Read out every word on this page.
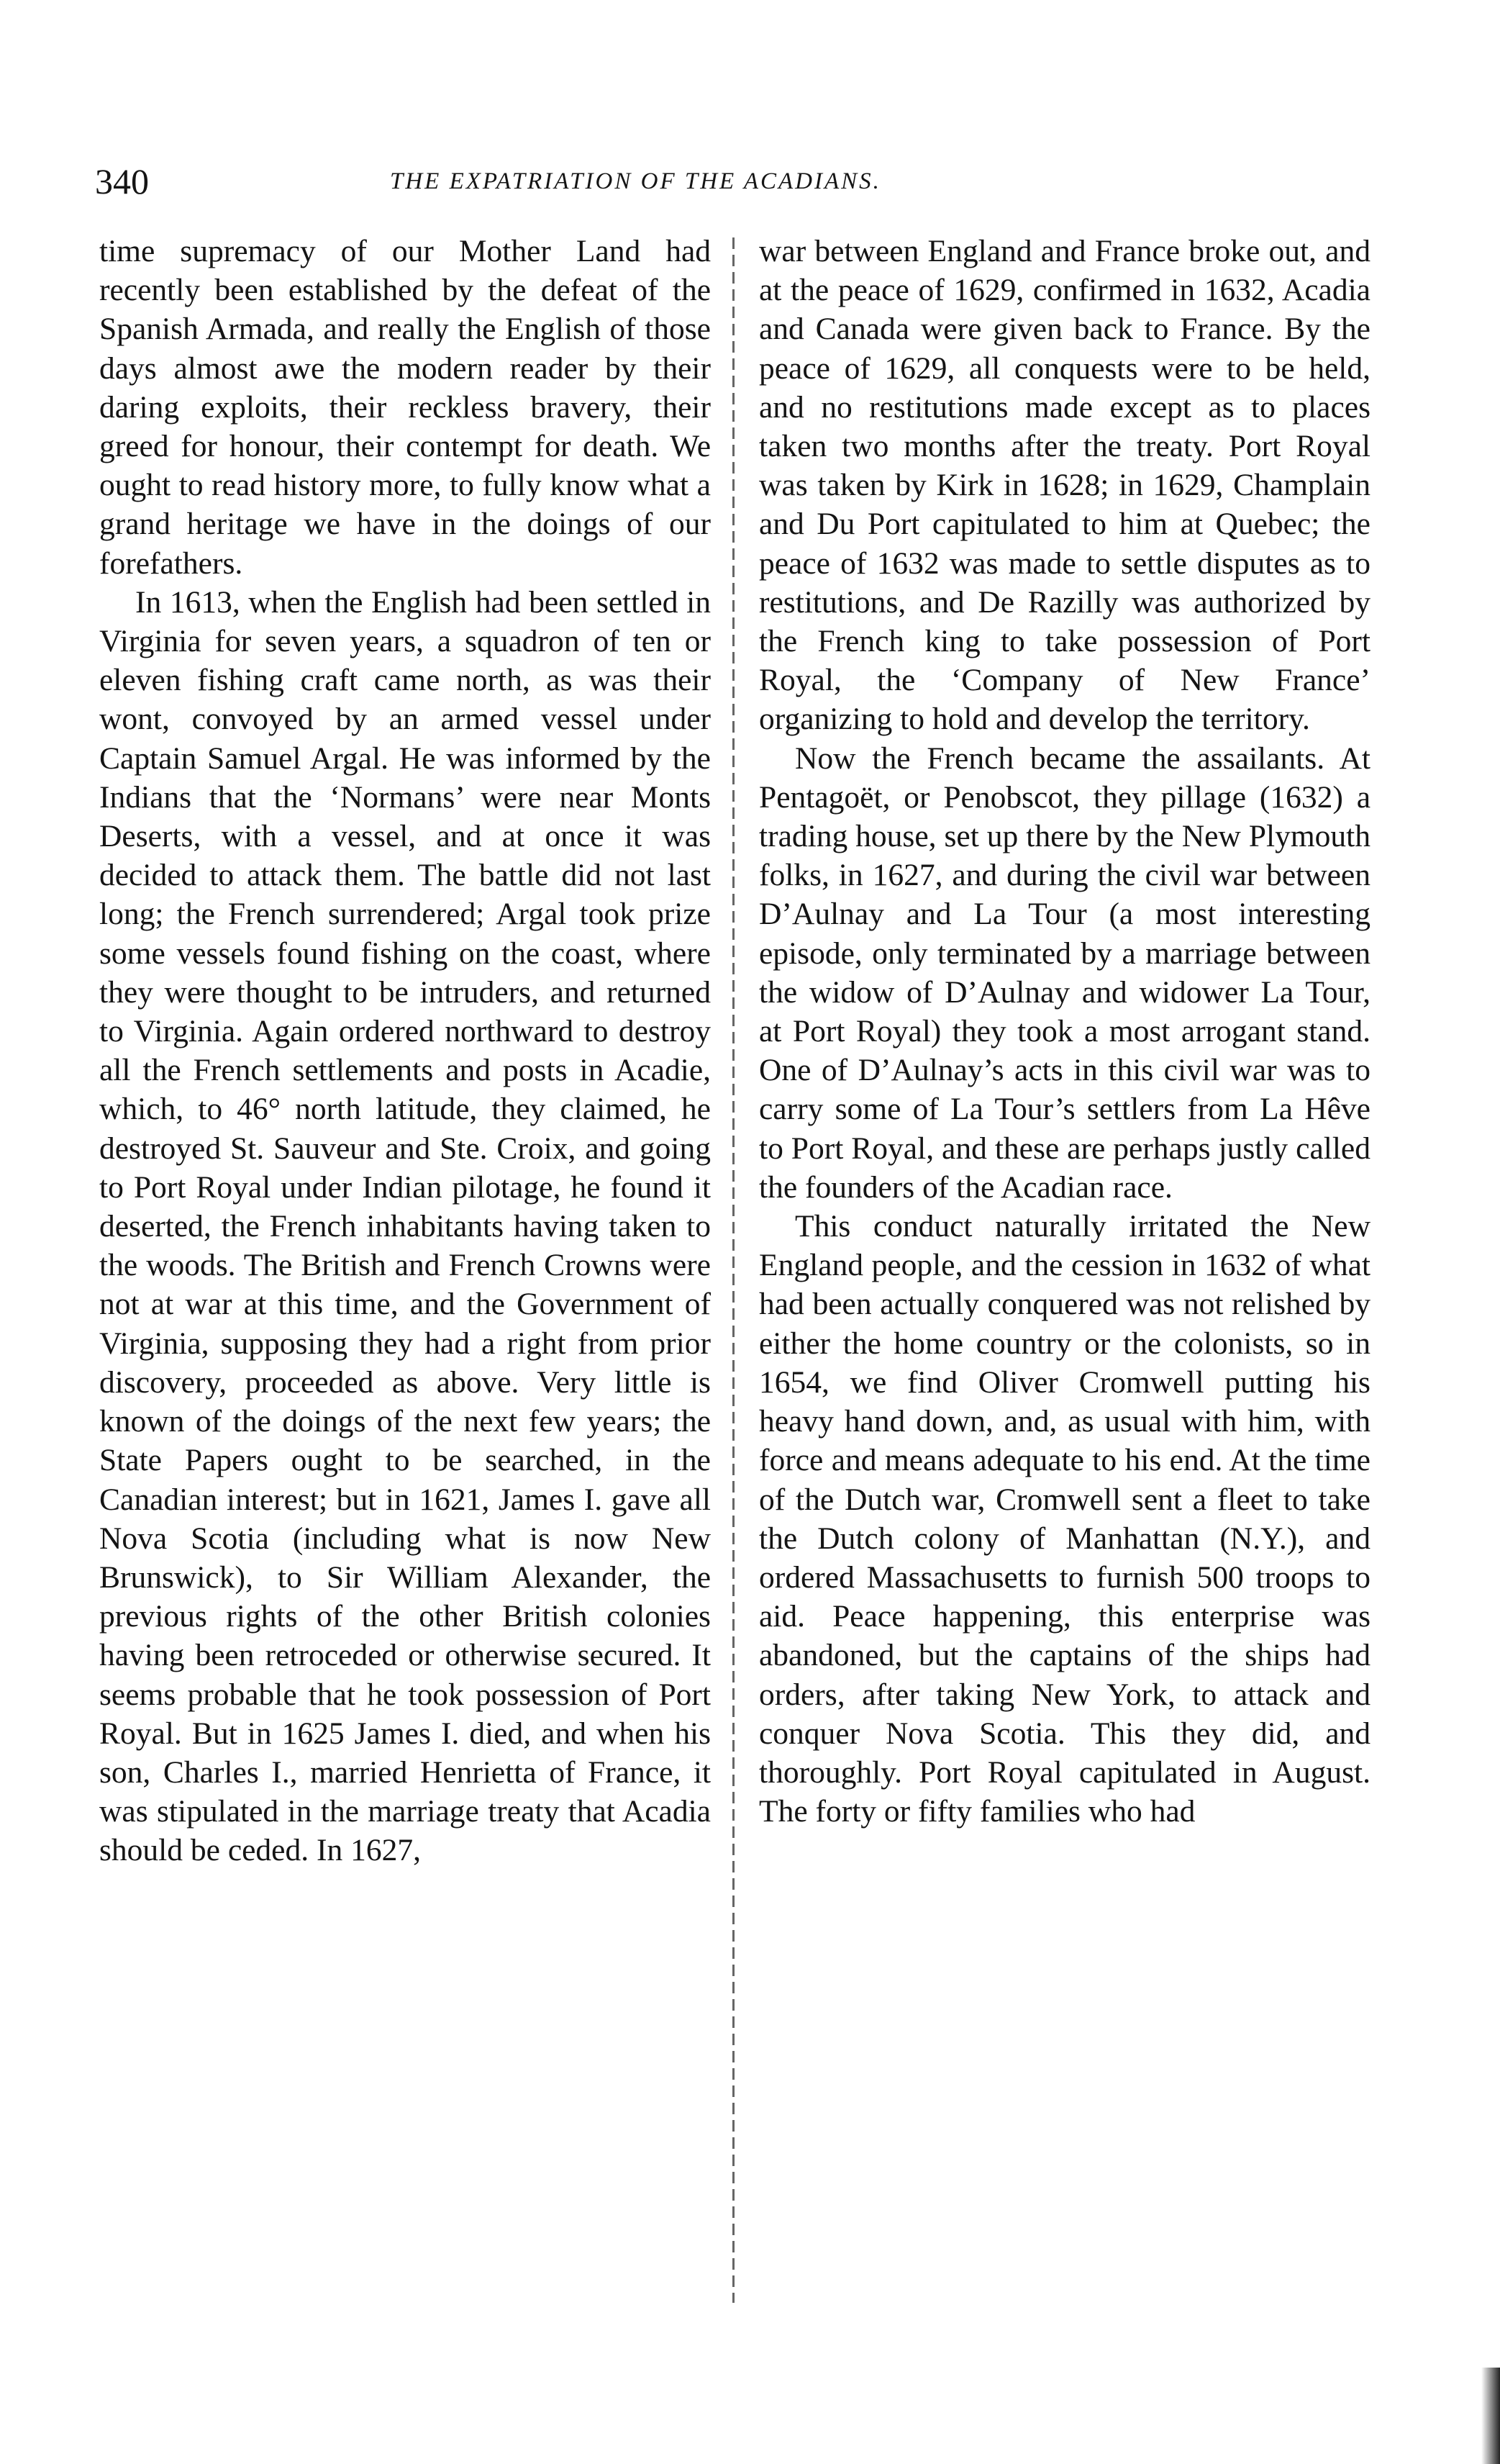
340	THE EXPATRIATION OF THE ACADIANS.

time supremacy of our Mother Land had recently been established by the defeat of the Spanish Armada, and really the English of those days almost awe the modern reader by their daring exploits, their reckless bravery, their greed for honour, their contempt for death. We ought to read history more, to fully know what a grand heritage we have in the doings of our forefathers.

In 1613, when the English had been settled in Virginia for seven years, a squadron of ten or eleven fishing craft came north, as was their wont, convoyed by an armed vessel under Captain Samuel Argal. He was informed by the Indians that the ‘Normans’ were near Monts Deserts, with a vessel, and at once it was decided to attack them. The battle did not last long; the French surrendered; Argal took prize some vessels found fishing on the coast, where they were thought to be intruders, and returned to Virginia. Again ordered northward to destroy all the French settlements and posts in Acadie, which, to 46° north latitude, they claimed, he destroyed St. Sauveur and Ste. Croix, and going to Port Royal under Indian pilotage, he found it deserted, the French inhabitants having taken to the woods. The British and French Crowns were not at war at this time, and the Government of Virginia, supposing they had a right from prior discovery, proceeded as above. Very little is known of the doings of the next few years; the State Papers ought to be searched, in the Canadian interest; but in 1621, James I. gave all Nova Scotia (including what is now New Brunswick), to Sir William Alexander, the previous rights of the other British colonies having been retroceded or otherwise secured. It seems probable that he took possession of Port Royal. But in 1625 James I. died, and when his son, Charles I., married Henrietta of France, it was stipulated in the marriage treaty that Acadia should be ceded. In 1627,

war between England and France broke out, and at the peace of 1629, confirmed in 1632, Acadia and Canada were given back to France. By the peace of 1629, all conquests were to be held, and no restitutions made except as to places taken two months after the treaty. Port Royal was taken by Kirk in 1628; in 1629, Champlain and Du Port capitulated to him at Quebec; the peace of 1632 was made to settle disputes as to restitutions, and De Razilly was authorized by the French king to take possession of Port Royal, the ‘Company of New France’ organizing to hold and develop the territory.

Now the French became the assailants. At Pentagoët, or Penobscot, they pillage (1632) a trading house, set up there by the New Plymouth folks, in 1627, and during the civil war between D’Aulnay and La Tour (a most interesting episode, only terminated by a marriage between the widow of D’Aulnay and widower La Tour, at Port Royal) they took a most arrogant stand. One of D’Aulnay’s acts in this civil war was to carry some of La Tour’s settlers from La Hêve to Port Royal, and these are perhaps justly called the founders of the Acadian race.

This conduct naturally irritated the New England people, and the cession in 1632 of what had been actually conquered was not relished by either the home country or the colonists, so in 1654, we find Oliver Cromwell putting his heavy hand down, and, as usual with him, with force and means adequate to his end. At the time of the Dutch war, Cromwell sent a fleet to take the Dutch colony of Manhattan (N.Y.), and ordered Massachusetts to furnish 500 troops to aid. Peace happening, this enterprise was abandoned, but the captains of the ships had orders, after taking New York, to attack and conquer Nova Scotia. This they did, and thoroughly. Port Royal capitulated in August. The forty or fifty families who had
